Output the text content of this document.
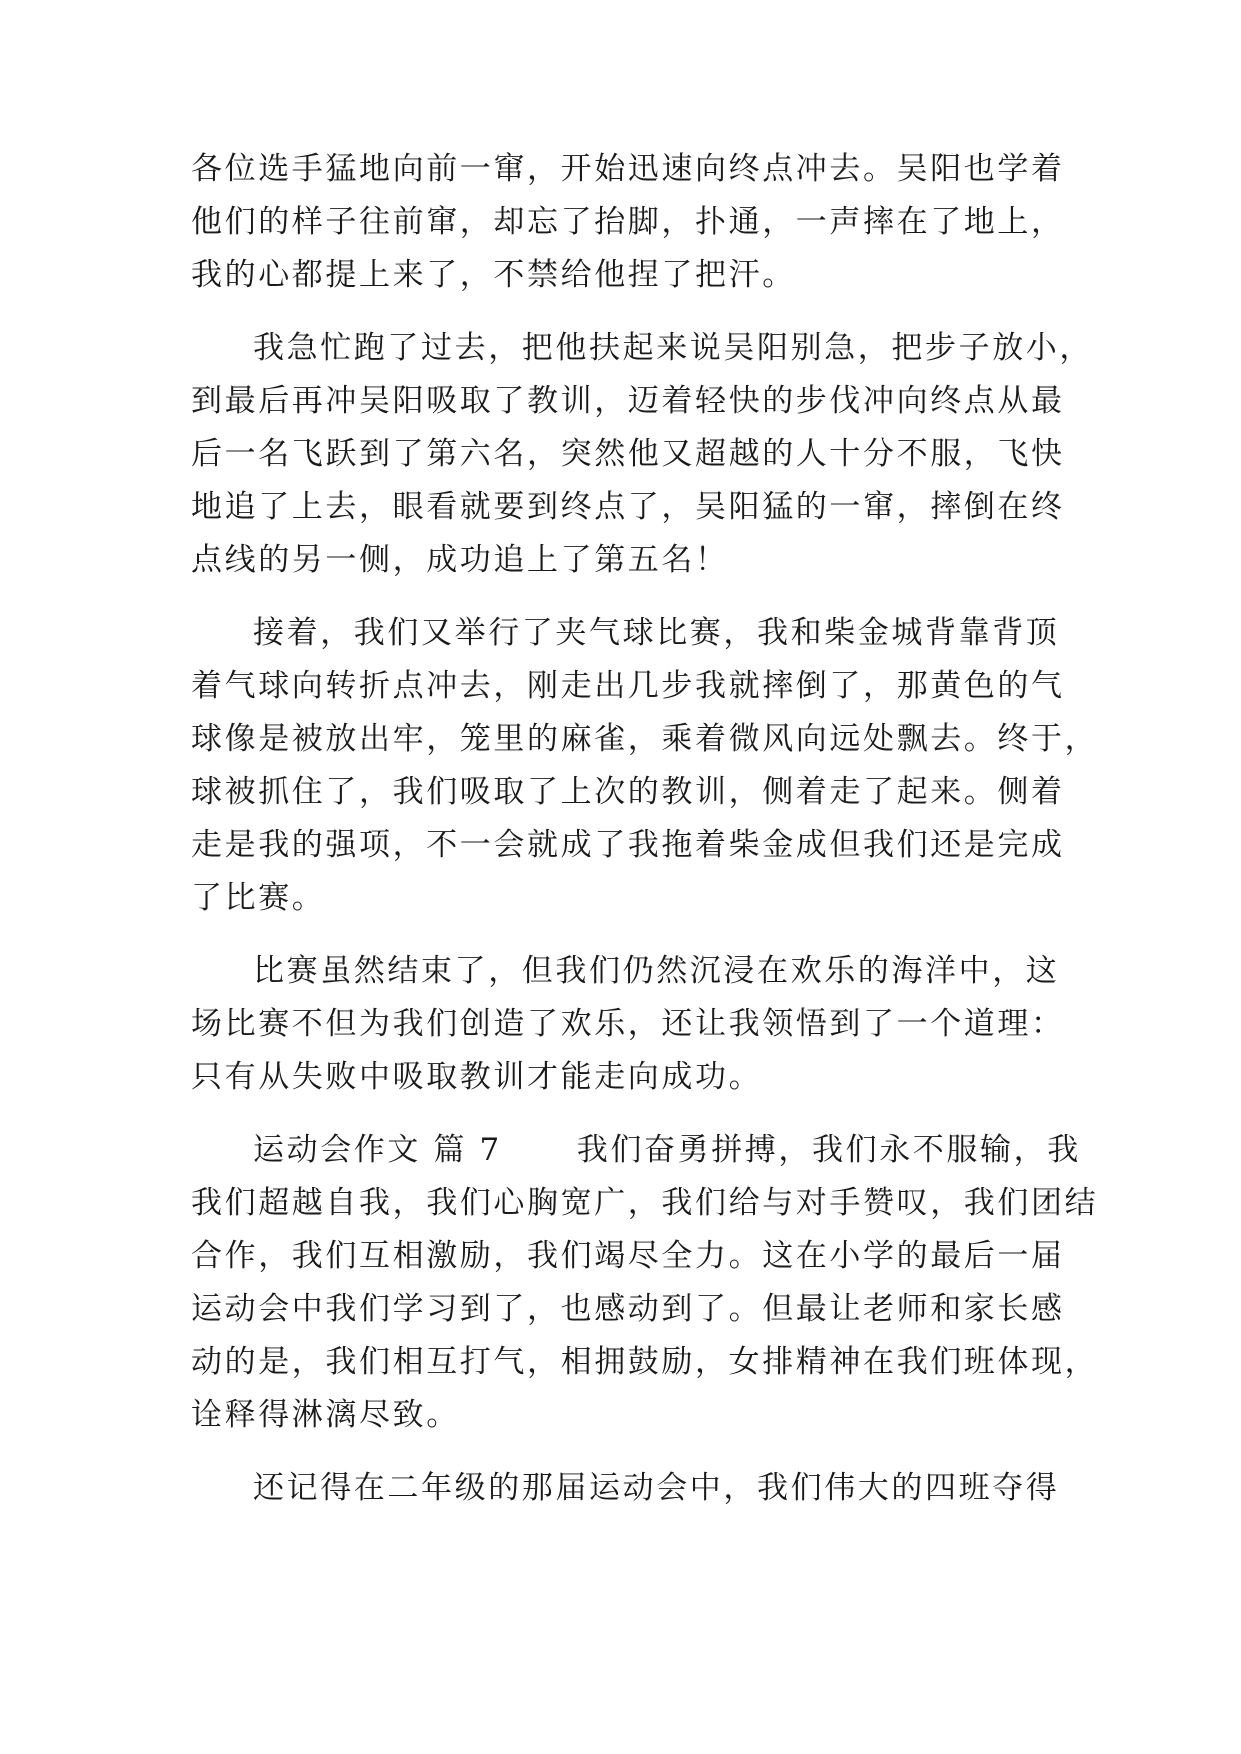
各位选手猛地向前一窜，开始迅速向终点冲去。吴阳也学着
他们的样子往前窜，却忘了抬脚，扑通，一声摔在了地上，
我的心都提上来了，不禁给他捏了把汗。
我急忙跑了过去，把他扶起来说吴阳别急，把步子放小，
到最后再冲吴阳吸取了教训，迈着轻快的步伐冲向终点从最
后一名飞跃到了第六名，突然他又超越的人十分不服，飞快
地追了上去，眼看就要到终点了，吴阳猛的一窜，摔倒在终
点线的另一侧，成功追上了第五名！
接着，我们又举行了夹气球比赛，我和柴金城背靠背顶
着气球向转折点冲去，刚走出几步我就摔倒了，那黄色的气
球像是被放出牢，笼里的麻雀，乘着微风向远处飘去。终于，
球被抓住了，我们吸取了上次的教训，侧着走了起来。侧着
走是我的强项，不一会就成了我拖着柴金成但我们还是完成
了比赛。
比赛虽然结束了，但我们仍然沉浸在欢乐的海洋中，这
场比赛不但为我们创造了欢乐，还让我领悟到了一个道理：
只有从失败中吸取教训才能走向成功。
运动会作文 篇 7 我们奋勇拼搏，我们永不服输，我
我们超越自我，我们心胸宽广，我们给与对手赞叹，我们团结
合作，我们互相激励，我们竭尽全力。这在小学的最后一届
运动会中我们学习到了，也感动到了。但最让老师和家长感
动的是，我们相互打气，相拥鼓励，女排精神在我们班体现，
诠释得淋漓尽致。
还记得在二年级的那届运动会中，我们伟大的四班夺得
